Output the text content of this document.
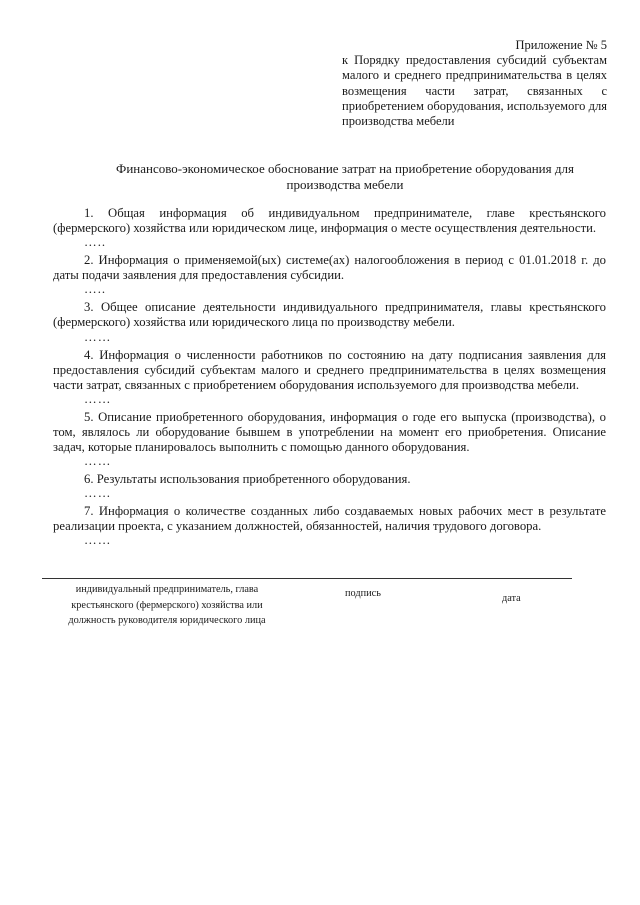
Приложение № 5
к Порядку предоставления субсидий субъектам малого и среднего предпринимательства в целях возмещения части затрат, связанных с приобретением оборудования, используемого для производства мебели
Финансово-экономическое обоснование затрат на приобретение оборудования для производства мебели

1. Общая информация об индивидуальном предпринимателе, главе крестьянского (фермерского) хозяйства или юридическом лице, информация о месте осуществления деятельности.

…..

2. Информация о применяемой(ых) системе(ах) налогообложения в период с 01.01.2018 г. до даты подачи заявления для предоставления субсидии.

…..

3. Общее описание деятельности индивидуального предпринимателя, главы крестьянского (фермерского) хозяйства или юридического лица по производству мебели.

……

4. Информация о численности работников по состоянию на дату подписания заявления для предоставления субсидий субъектам малого и среднего предпринимательства в целях возмещения части затрат, связанных с приобретением оборудования используемого для производства мебели.

……

5. Описание приобретенного оборудования, информация о годе его выпуска (производства), о том, являлось ли оборудование бывшем в употреблении на момент его приобретения. Описание задач, которые планировалось выполнить с помощью данного оборудования.

……

6. Результаты использования приобретенного оборудования.

……

7. Информация о количестве созданных либо создаваемых новых рабочих мест в результате реализации проекта, с указанием должностей, обязанностей, наличия трудового договора.

……

индивидуальный предприниматель, глава
крестьянского (фермерского) хозяйства или
должность руководителя юридического лица
подпись	дата
